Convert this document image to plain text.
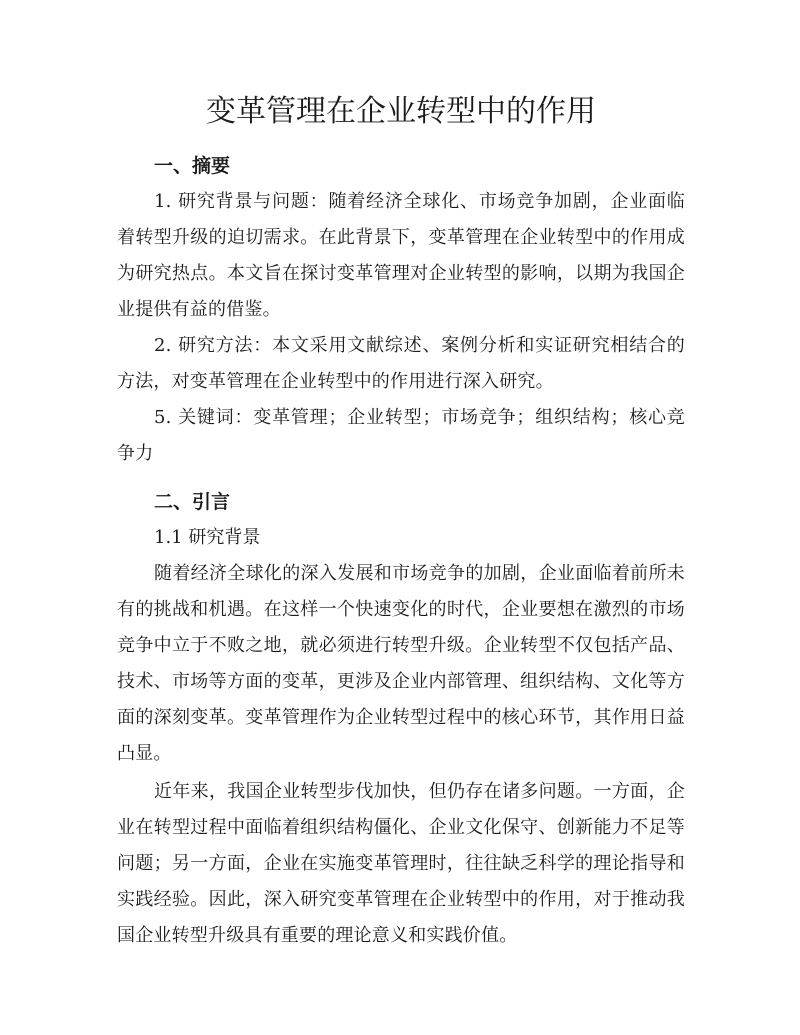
变革管理在企业转型中的作用
一、摘要

1. 研究背景与问题：随着经济全球化、市场竞争加剧，企业面临着转型升级的迫切需求。在此背景下，变革管理在企业转型中的作用成为研究热点。本文旨在探讨变革管理对企业转型的影响，以期为我国企业提供有益的借鉴。

2. 研究方法：本文采用文献综述、案例分析和实证研究相结合的方法，对变革管理在企业转型中的作用进行深入研究。

5. 关键词：变革管理；企业转型；市场竞争；组织结构；核心竞争力

二、引言
1.1 研究背景

随着经济全球化的深入发展和市场竞争的加剧，企业面临着前所未有的挑战和机遇。在这样一个快速变化的时代，企业要想在激烈的市场竞争中立于不败之地，就必须进行转型升级。企业转型不仅包括产品、技术、市场等方面的变革，更涉及企业内部管理、组织结构、文化等方面的深刻变革。变革管理作为企业转型过程中的核心环节，其作用日益凸显。

近年来，我国企业转型步伐加快，但仍存在诸多问题。一方面，企业在转型过程中面临着组织结构僵化、企业文化保守、创新能力不足等问题；另一方面，企业在实施变革管理时，往往缺乏科学的理论指导和实践经验。因此，深入研究变革管理在企业转型中的作用，对于推动我国企业转型升级具有重要的理论意义和实践价值。
